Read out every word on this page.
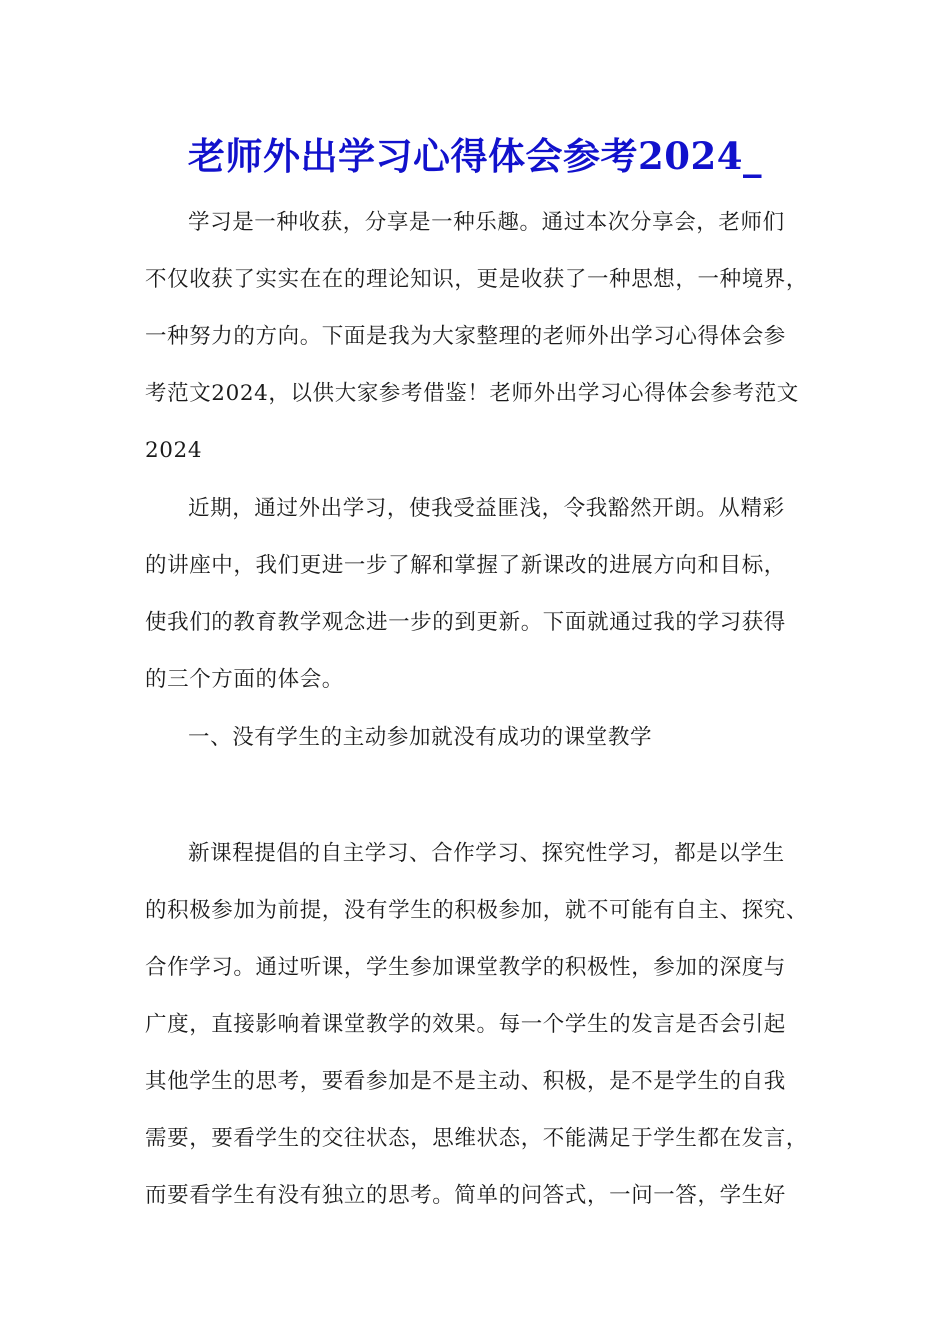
老师外出学习心得体会参考2024_
学习是一种收获，分享是一种乐趣。通过本次分享会，老师们
不仅收获了实实在在的理论知识，更是收获了一种思想，一种境界，
一种努力的方向。下面是我为大家整理的老师外出学习心得体会参
考范文2024，以供大家参考借鉴！老师外出学习心得体会参考范文
2024
近期，通过外出学习，使我受益匪浅，令我豁然开朗。从精彩
的讲座中，我们更进一步了解和掌握了新课改的进展方向和目标，
使我们的教育教学观念进一步的到更新。下面就通过我的学习获得
的三个方面的体会。
一、没有学生的主动参加就没有成功的课堂教学
新课程提倡的自主学习、合作学习、探究性学习，都是以学生
的积极参加为前提，没有学生的积极参加，就不可能有自主、探究、
合作学习。通过听课，学生参加课堂教学的积极性，参加的深度与
广度，直接影响着课堂教学的效果。每一个学生的发言是否会引起
其他学生的思考，要看参加是不是主动、积极，是不是学生的自我
需要，要看学生的交往状态，思维状态，不能满足于学生都在发言，
而要看学生有没有独立的思考。简单的问答式，一问一答，学生好
